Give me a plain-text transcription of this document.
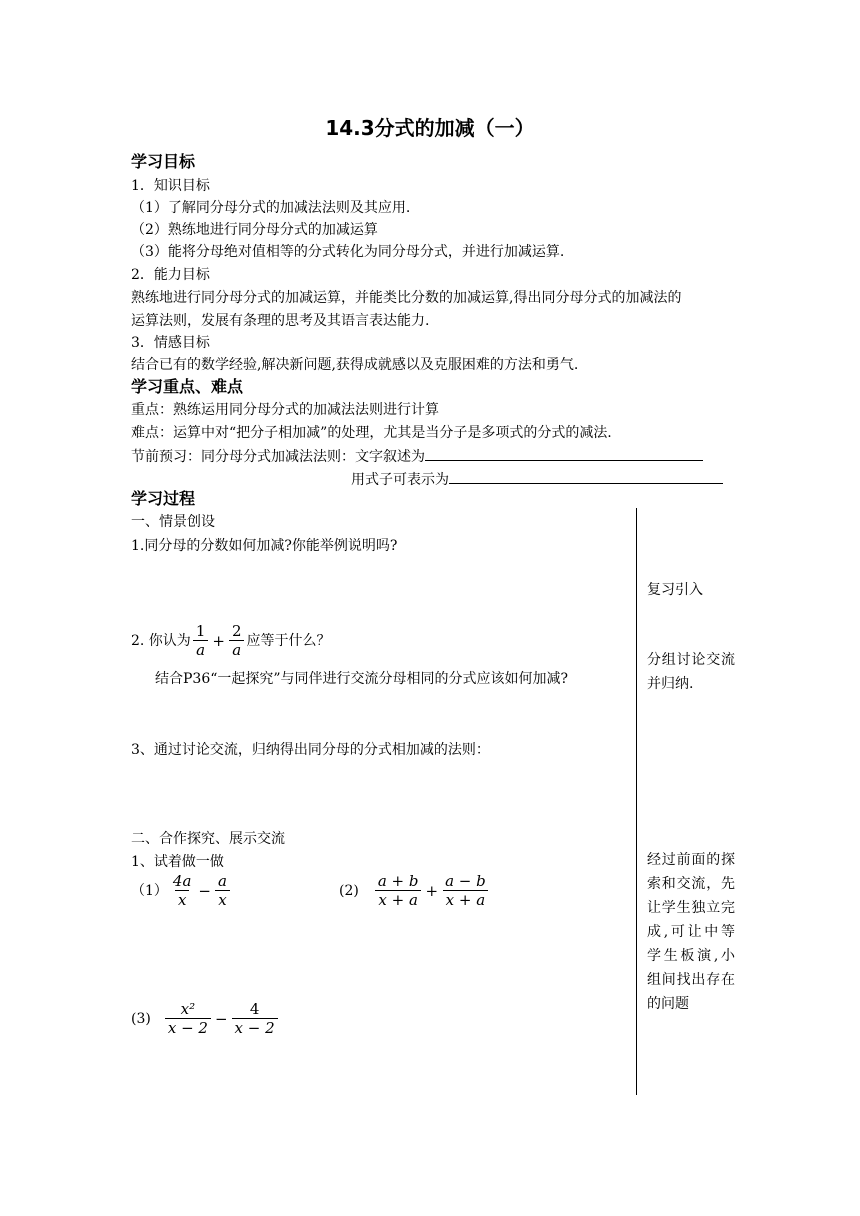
14.3分式的加减（一）
学习目标
1．知识目标
（1）了解同分母分式的加减法法则及其应用.
（2）熟练地进行同分母分式的加减运算
（3）能将分母绝对值相等的分式转化为同分母分式，并进行加减运算.
2．能力目标
熟练地进行同分母分式的加减运算，并能类比分数的加减运算,得出同分母分式的加减法的
运算法则，发展有条理的思考及其语言表达能力.
3．情感目标
结合已有的数学经验,解决新问题,获得成就感以及克服困难的方法和勇气.
学习重点、难点
重点：熟练运用同分母分式的加减法法则进行计算
难点：运算中对“把分子相加减”的处理，尤其是当分子是多项式的分式的减法.
节前预习：同分母分式加减法法则：文字叙述为
用式子可表示为
学习过程
一、情景创设
1.同分母的分数如何加减?你能举例说明吗?
2. 你认为 $\frac{1}{a} + \frac{2}{a}$ 应等于什么？
结合P36“一起探究”与同伴进行交流分母相同的分式应该如何加减?
3、通过讨论交流，归纳得出同分母的分式相加减的法则：
二、合作探究、展示交流
1、试着做一做
$(1) \frac{4a}{x} - \frac{a}{x}$	$(2) \frac{a + b}{x + a} + \frac{a - b}{x + a}$
$(3) \frac{\text{x²}}{x - 2} - \frac{4}{x - 2}$
复习引入
分组讨论交流并归纳.
经过前面的探索和交流，先让学生独立完成,可让中等学生板演,小组间找出存在的问题
